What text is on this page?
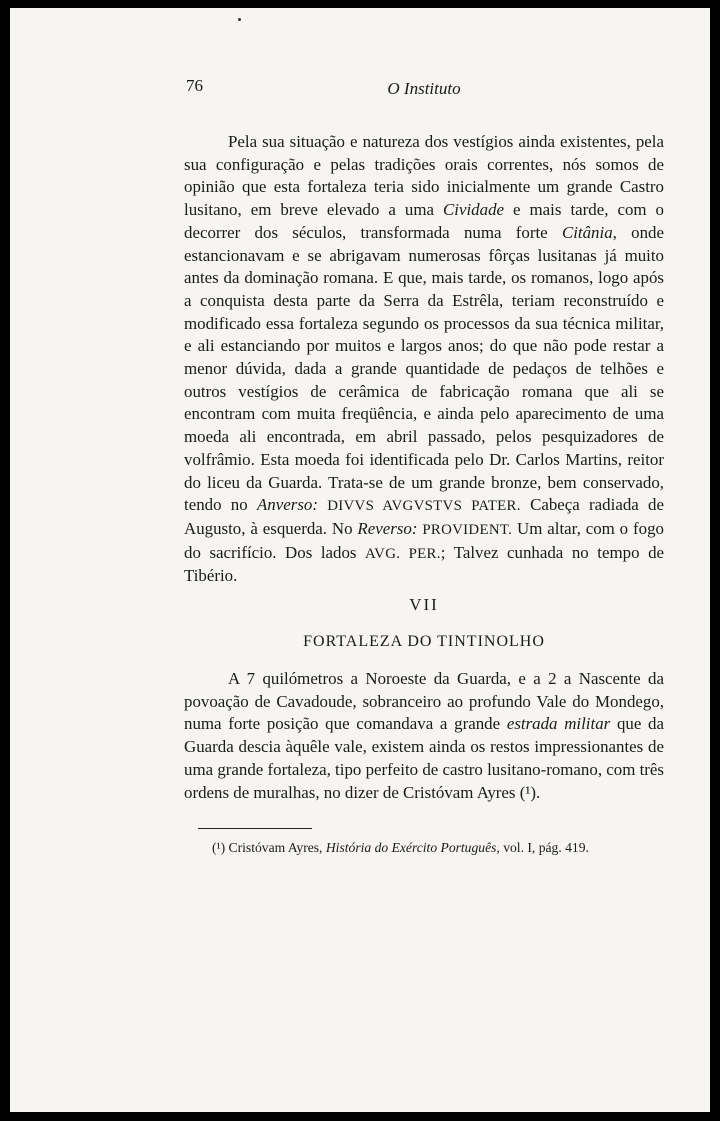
76	O Instituto

Pela sua situação e natureza dos vestígios ainda existentes, pela sua configuração e pelas tradições orais correntes, nós somos de opinião que esta fortaleza teria sido inicialmente um grande Castro lusitano, em breve elevado a uma Cividade e mais tarde, com o decorrer dos séculos, transformada numa forte Citânia, onde estancionavam e se abrigavam numerosas fôrças lusitanas já muito antes da dominação romana. E que, mais tarde, os romanos, logo após a conquista desta parte da Serra da Estrêla, teriam reconstruído e modificado essa fortaleza segundo os processos da sua técnica militar, e ali estanciando por muitos e largos anos; do que não pode restar a menor dúvida, dada a grande quantidade de pedaços de telhões e outros vestígios de cerâmica de fabricação romana que ali se encontram com muita freqüência, e ainda pelo aparecimento de uma moeda ali encontrada, em abril passado, pelos pesquizadores de volfrâmio. Esta moeda foi identificada pelo Dr. Carlos Martins, reitor do liceu da Guarda. Trata-se de um grande bronze, bem conservado, tendo no Anverso: DIVVS AVGVSTVS PATER. Cabeça radiada de Augusto, à esquerda. No Reverso: PROVIDENT. Um altar, com o fogo do sacrifício. Dos lados AVG. PER.; Talvez cunhada no tempo de Tibério.

VII
FORTALEZA DO TINTINOLHO

A 7 quilómetros a Noroeste da Guarda, e a 2 a Nascente da povoação de Cavadoude, sobranceiro ao profundo Vale do Mondego, numa forte posição que comandava a grande estrada militar que da Guarda descia àquêle vale, existem ainda os restos impressionantes de uma grande fortaleza, tipo perfeito de castro lusitano-romano, com três ordens de muralhas, no dizer de Cristóvam Ayres (¹).

(¹) Cristóvam Ayres, História do Exército Português, vol. I, pág. 419.
